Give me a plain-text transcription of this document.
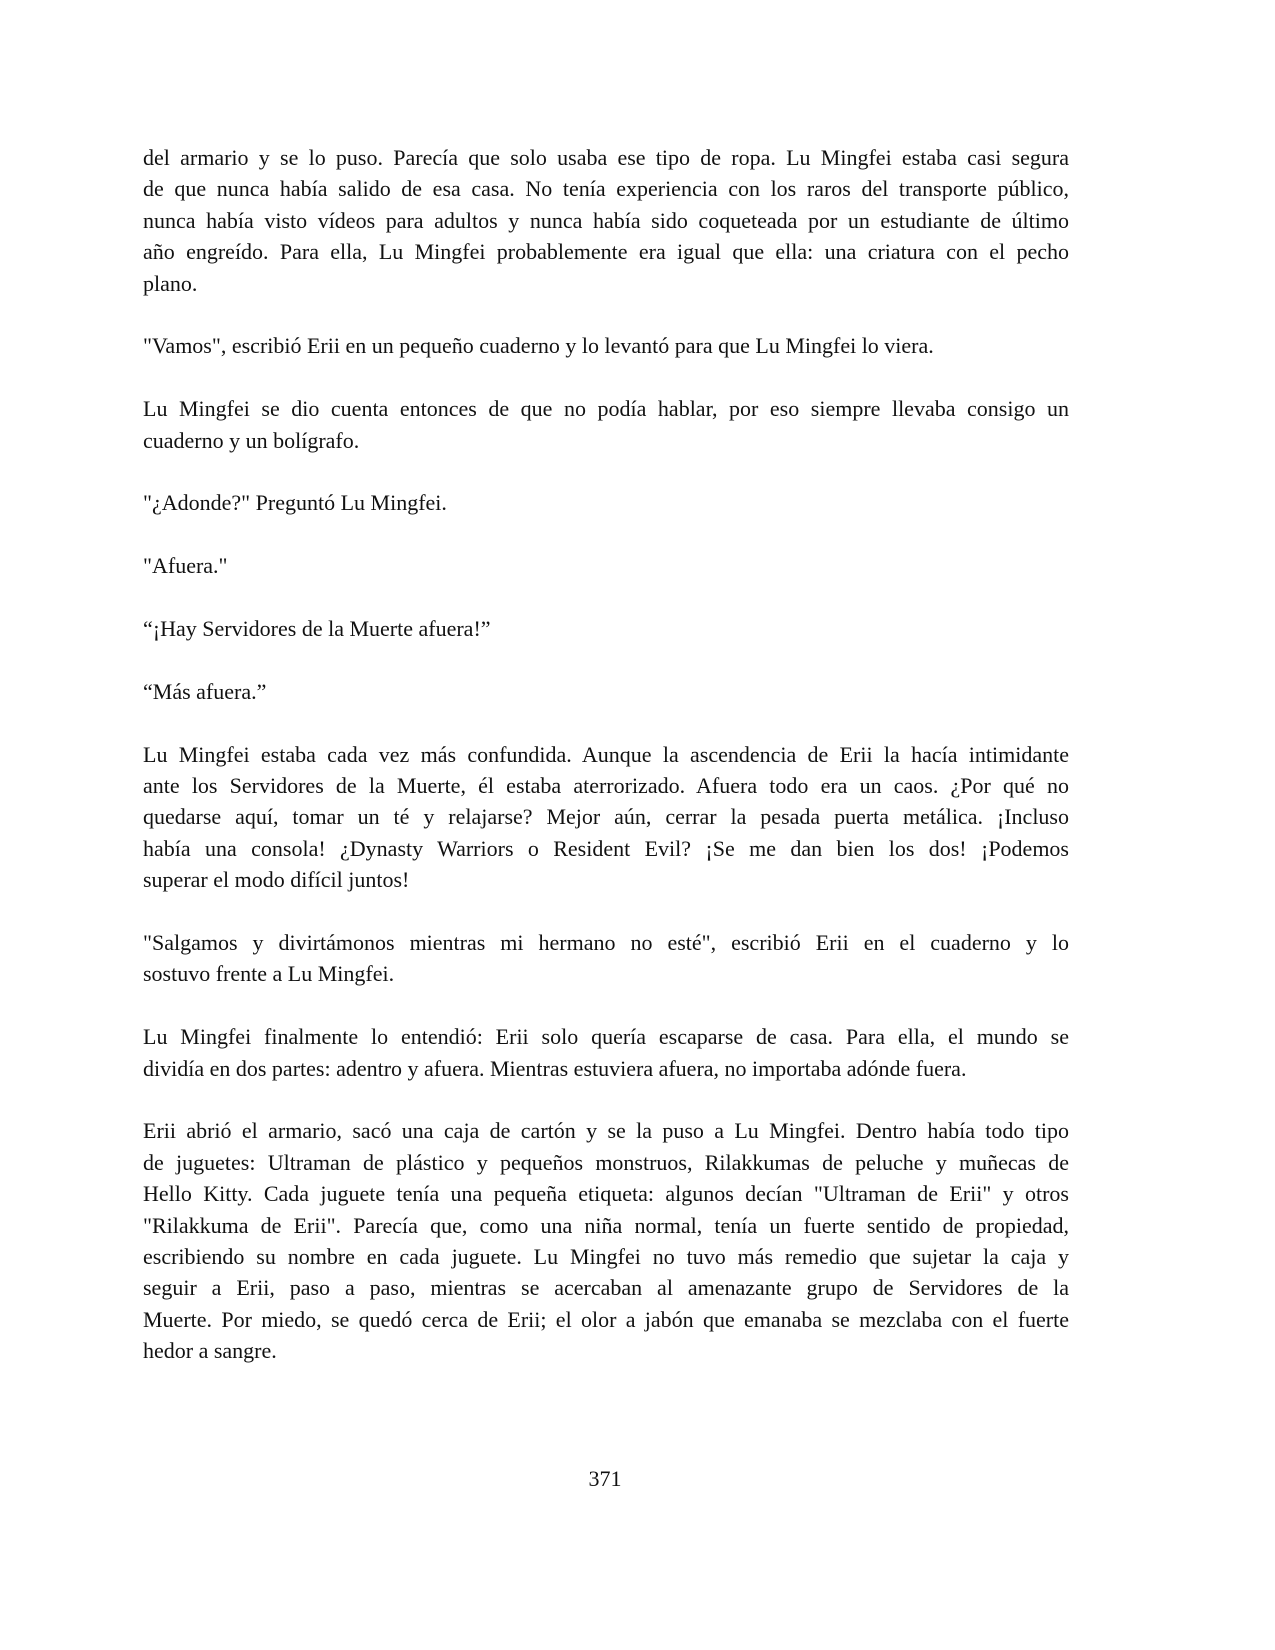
del armario y se lo puso. Parecía que solo usaba ese tipo de ropa. Lu Mingfei estaba casi segura
de que nunca había salido de esa casa. No tenía experiencia con los raros del transporte público,
nunca había visto vídeos para adultos y nunca había sido coqueteada por un estudiante de último
año engreído. Para ella, Lu Mingfei probablemente era igual que ella: una criatura con el pecho
plano.
"Vamos", escribió Erii en un pequeño cuaderno y lo levantó para que Lu Mingfei lo viera.
Lu Mingfei se dio cuenta entonces de que no podía hablar, por eso siempre llevaba consigo un
cuaderno y un bolígrafo.
"¿Adonde?" Preguntó Lu Mingfei.
"Afuera."
“¡Hay Servidores de la Muerte afuera!”
“Más afuera.”
Lu Mingfei estaba cada vez más confundida. Aunque la ascendencia de Erii la hacía intimidante
ante los Servidores de la Muerte, él estaba aterrorizado. Afuera todo era un caos. ¿Por qué no
quedarse aquí, tomar un té y relajarse? Mejor aún, cerrar la pesada puerta metálica. ¡Incluso
había una consola! ¿Dynasty Warriors o Resident Evil? ¡Se me dan bien los dos! ¡Podemos
superar el modo difícil juntos!
"Salgamos y divirtámonos mientras mi hermano no esté", escribió Erii en el cuaderno y lo
sostuvo frente a Lu Mingfei.
Lu Mingfei finalmente lo entendió: Erii solo quería escaparse de casa. Para ella, el mundo se
dividía en dos partes: adentro y afuera. Mientras estuviera afuera, no importaba adónde fuera.
Erii abrió el armario, sacó una caja de cartón y se la puso a Lu Mingfei. Dentro había todo tipo
de juguetes: Ultraman de plástico y pequeños monstruos, Rilakkumas de peluche y muñecas de
Hello Kitty. Cada juguete tenía una pequeña etiqueta: algunos decían "Ultraman de Erii" y otros
"Rilakkuma de Erii". Parecía que, como una niña normal, tenía un fuerte sentido de propiedad,
escribiendo su nombre en cada juguete. Lu Mingfei no tuvo más remedio que sujetar la caja y
seguir a Erii, paso a paso, mientras se acercaban al amenazante grupo de Servidores de la
Muerte. Por miedo, se quedó cerca de Erii; el olor a jabón que emanaba se mezclaba con el fuerte
hedor a sangre.
371
